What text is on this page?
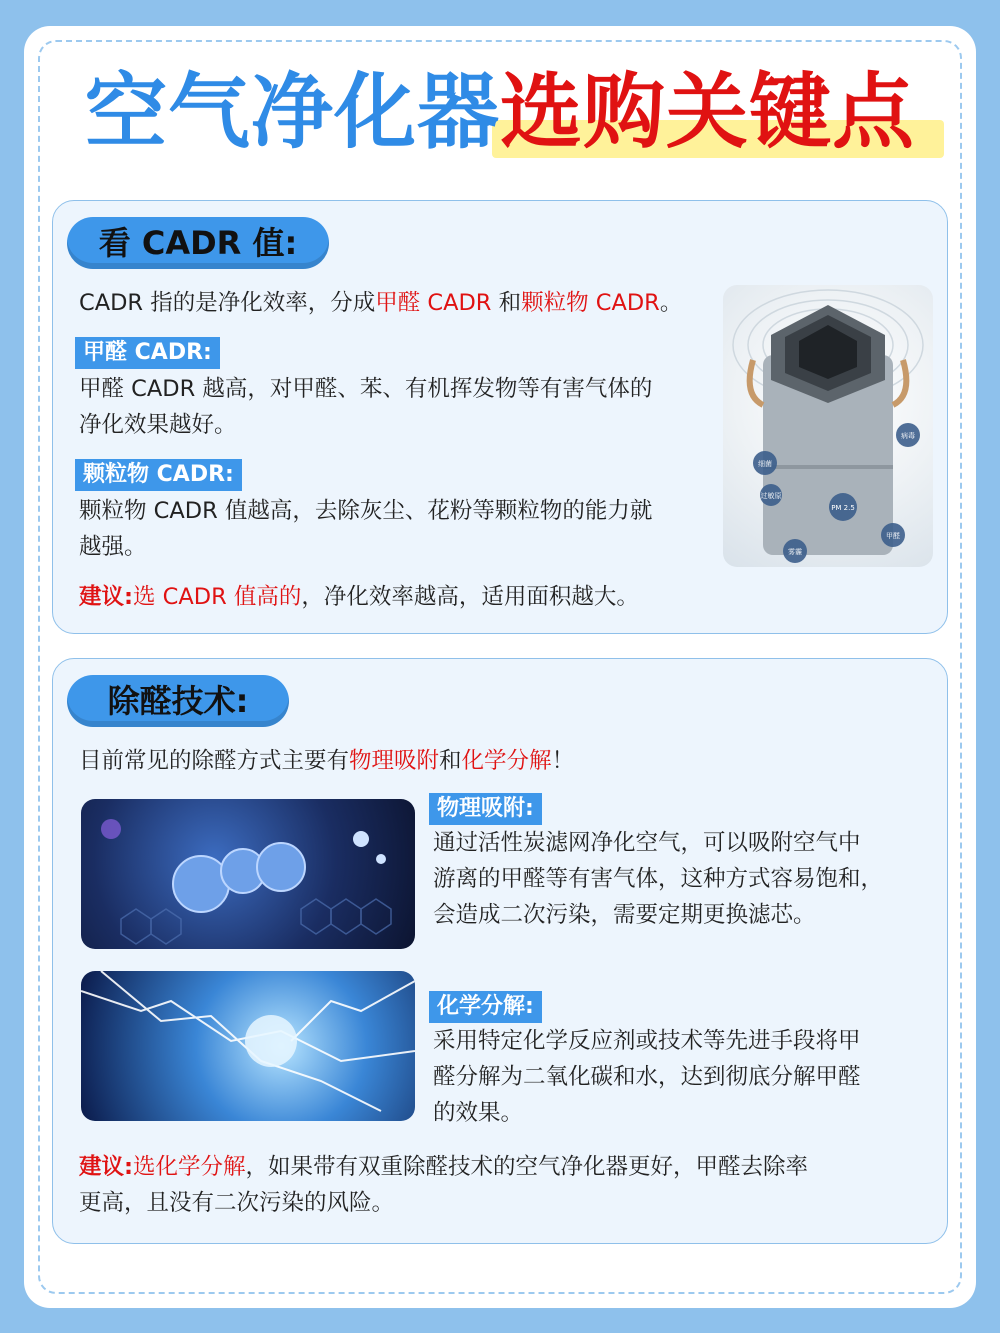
空气净化器选购关键点
看 CADR 值:
CADR 指的是净化效率，分成甲醛 CADR 和颗粒物 CADR。
甲醛 CADR:
甲醛 CADR 越高，对甲醛、苯、有机挥发物等有害气体的
净化效果越好。
颗粒物 CADR:
颗粒物 CADR 值越高，去除灰尘、花粉等颗粒物的能力就
越强。
建议:选 CADR 值高的，净化效率越高，适用面积越大。
细菌
病毒
过敏原
PM 2.5
甲醛
雾霾
除醛技术:
目前常见的除醛方式主要有物理吸附和化学分解！
物理吸附:
通过活性炭滤网净化空气，可以吸附空气中
游离的甲醛等有害气体，这种方式容易饱和，
会造成二次污染，需要定期更换滤芯。
化学分解:
采用特定化学反应剂或技术等先进手段将甲
醛分解为二氧化碳和水，达到彻底分解甲醛
的效果。
建议:选化学分解，如果带有双重除醛技术的空气净化器更好，甲醛去除率
更高，且没有二次污染的风险。
